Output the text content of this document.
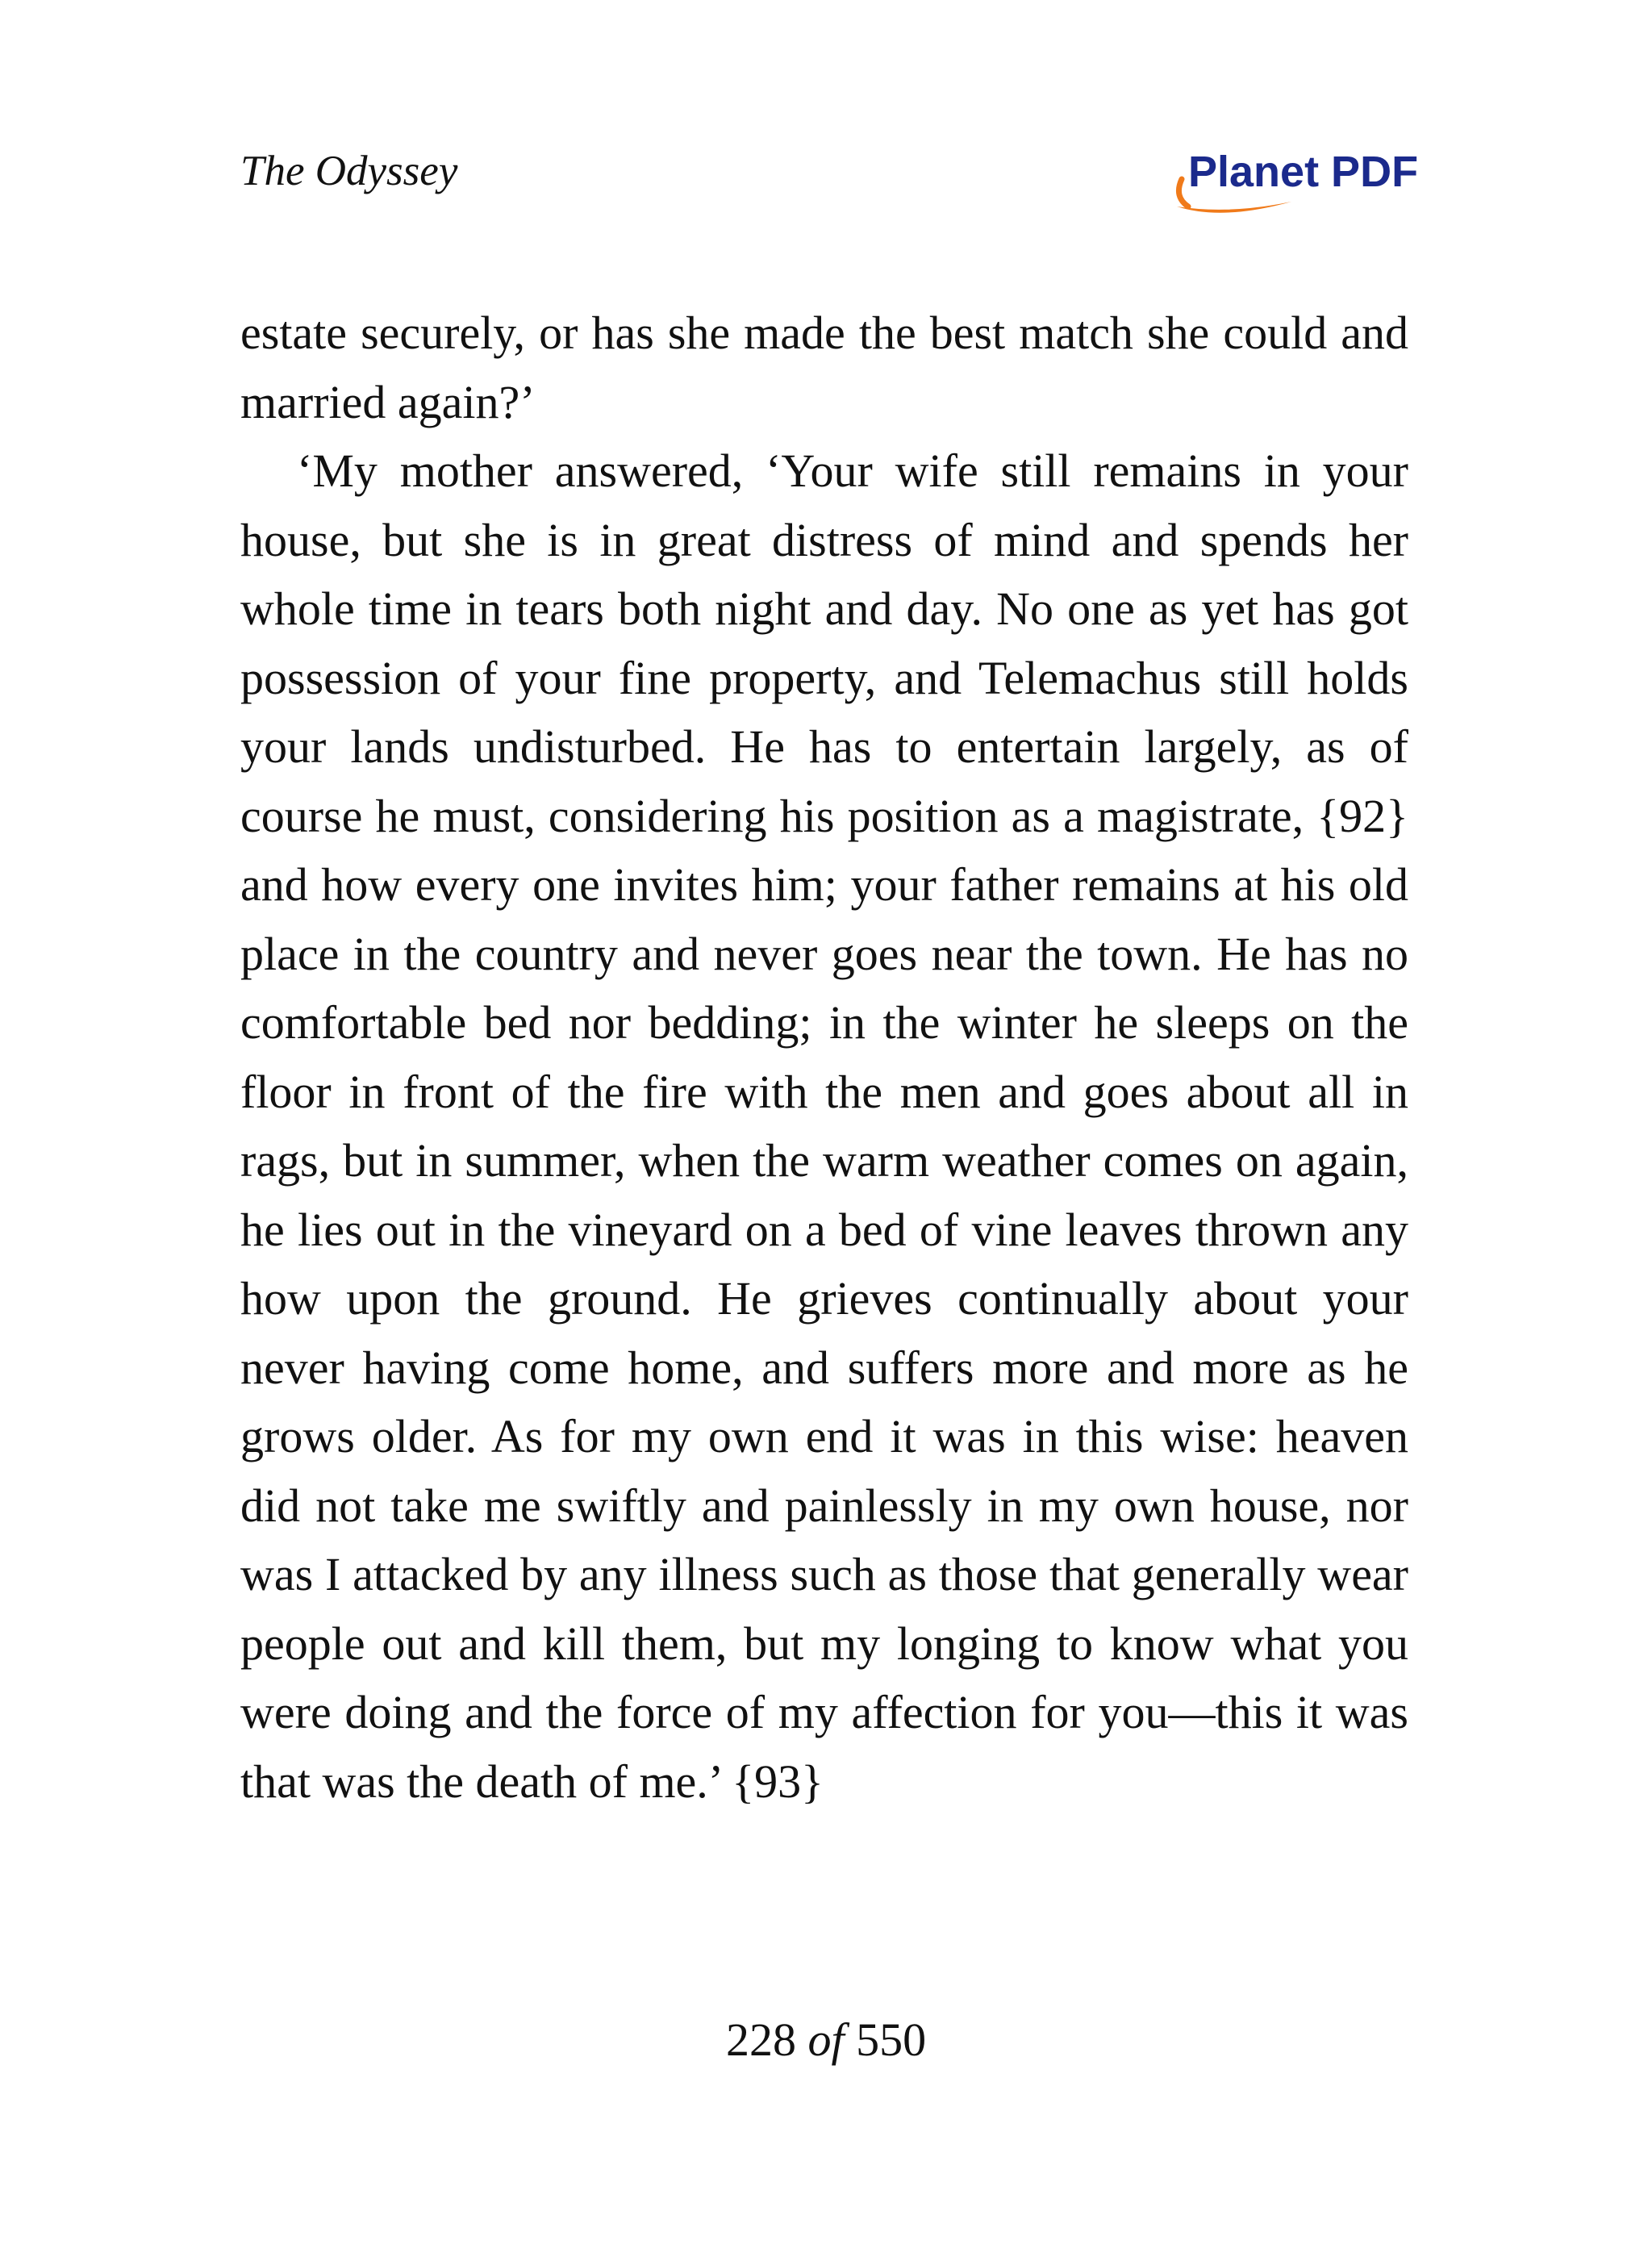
The Odyssey	Planet PDF

estate securely, or has she made the best match she could and married again?’

‘My mother answered, ‘Your wife still remains in your house, but she is in great distress of mind and spends her whole time in tears both night and day. No one as yet has got possession of your fine property, and Telemachus still holds your lands undisturbed. He has to entertain largely, as of course he must, considering his position as a magistrate, {92} and how every one invites him; your father remains at his old place in the country and never goes near the town. He has no comfortable bed nor bedding; in the winter he sleeps on the floor in front of the fire with the men and goes about all in rags, but in summer, when the warm weather comes on again, he lies out in the vineyard on a bed of vine leaves thrown any how upon the ground. He grieves continually about your never having come home, and suffers more and more as he grows older. As for my own end it was in this wise: heaven did not take me swiftly and painlessly in my own house, nor was I attacked by any illness such as those that generally wear people out and kill them, but my longing to know what you were doing and the force of my affection for you—this it was that was the death of me.’ {93}

228 of 550
